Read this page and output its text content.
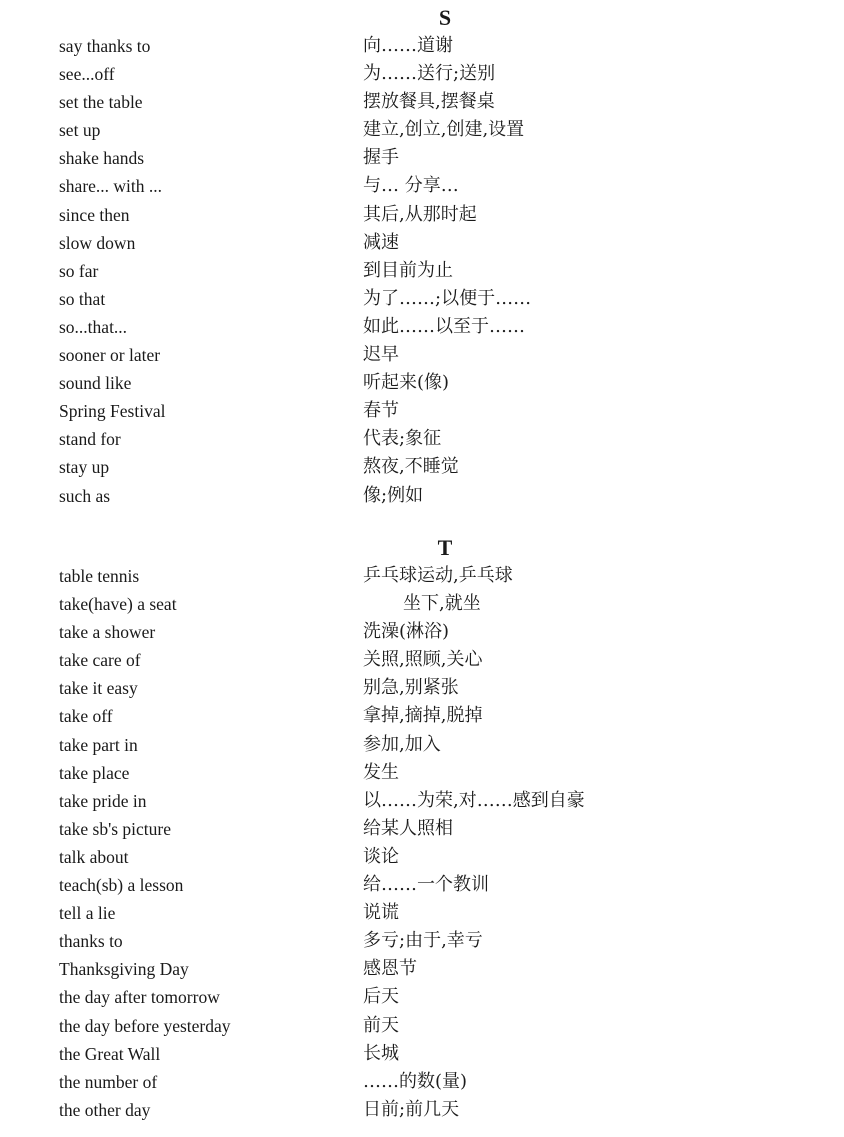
S
say thanks to	向……道谢
see...off	为……送行;送别
set the table	摆放餐具,摆餐桌
set up	建立,创立,创建,设置
shake hands	握手
share... with ...	与… 分享…
since then	其后,从那时起
slow down	减速
so far	到目前为止
so that	为了……;以便于……
so...that...	如此……以至于……
sooner or later	迟早
sound like	听起来(像)
Spring Festival	春节
stand for	代表;象征
stay up	熬夜,不睡觉
such as	像;例如
T
table tennis	乒乓球运动,乒乓球
take(have) a seat	坐下,就坐
take a shower	洗澡(淋浴)
take care of	关照,照顾,关心
take it easy	别急,别紧张
take off	拿掉,摘掉,脱掉
take part in	参加,加入
take place	发生
take pride in	以……为荣,对……感到自豪
take sb's picture	给某人照相
talk about	谈论
teach(sb) a lesson	给……一个教训
tell a lie	说谎
thanks to	多亏;由于,幸亏
Thanksgiving Day	感恩节
the day after tomorrow	后天
the day before yesterday	前天
the Great Wall	长城
the number of	……的数(量)
the other day	日前;前几天
